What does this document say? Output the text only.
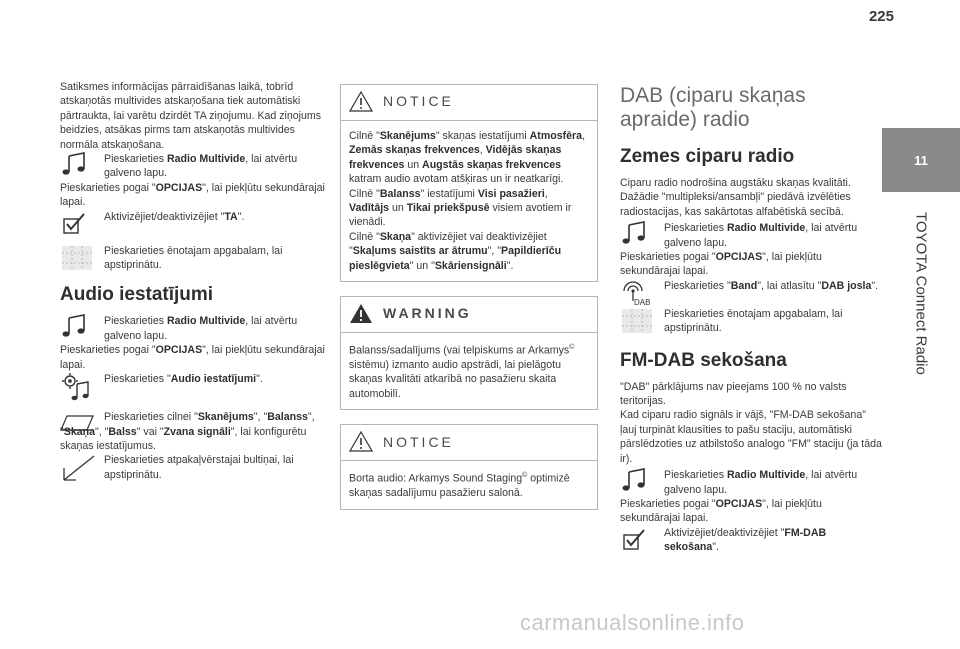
225
11
TOYOTA Connect Radio

Satiksmes informācijas pārraidīšanas laikā, tobrīd atskaņotās multivides atskaņošana tiek automātiski pārtraukta, lai varētu dzirdēt TA ziņojumu. Kad ziņojums beidzies, atsākas pirms tam atskaņotās multivides normāla atskaņošana.

Pieskarieties Radio Multivide, lai atvērtu galveno lapu.

Pieskarieties pogai "OPCIJAS", lai piekļūtu sekundārajai lapai.

Aktivizējiet/deaktivizējiet "TA".
Pieskarieties ēnotajam apgabalam, lai apstiprinātu.
Audio iestatījumi
Pieskarieties Radio Multivide, lai atvērtu galveno lapu.

Pieskarieties pogai "OPCIJAS", lai piekļūtu sekundārajai lapai.

Pieskarieties "Audio iestatījumi".
Pieskarieties cilnei "Skanējums", "Balanss", "Skaņa", "Balss" vai "Zvana signāli", lai konfigurētu skaņas iestatījumus.
Pieskarieties atpakaļvērstajai bultiņai, lai apstiprinātu.
NOTICE

Cilnē "Skanējums" skaņas iestatījumi Atmosfēra, Zemās skaņas frekvences, Vidējās skaņas frekvences un Augstās skaņas frekvences katram audio avotam atšķiras un ir neatkarīgi.
Cilnē "Balanss" iestatījumi Visi pasažieri, Vadītājs un Tikai priekšpusē visiem avotiem ir vienādi.
Cilnē "Skaņa" aktivizējiet vai deaktivizējiet "Skaļums saistīts ar ātrumu", "Papildierīču pieslēgvieta" un "Skāriensignāli".

WARNING

Balanss/sadalījums (vai telpiskums ar Arkamys© sistēmu) izmanto audio apstrādi, lai pielāgotu skaņas kvalitāti atkarībā no pasažieru skaita automobilī.

NOTICE

Borta audio: Arkamys Sound Staging© optimizē skaņas sadalījumu pasažieru salonā.

DAB (ciparu skaņas apraide) radio
Zemes ciparu radio

Ciparu radio nodrošina augstāku skaņas kvalitāti.

Dažādie "multipleksi/ansambļi" piedāvā izvēlēties radiostacijas, kas sakārtotas alfabētiskā secībā.

Pieskarieties Radio Multivide, lai atvērtu galveno lapu.

Pieskarieties pogai "OPCIJAS", lai piekļūtu sekundārajai lapai.

DAB
Pieskarieties "Band", lai atlasītu "DAB josla".
Pieskarieties ēnotajam apgabalam, lai apstiprinātu.
FM-DAB sekošana

"DAB" pārklājums nav pieejams 100 % no valsts teritorijas.

Kad ciparu radio signāls ir vājš, "FM-DAB sekošana" ļauj turpināt klausīties to pašu staciju, automātiski pārslēdzoties uz atbilstošo analogo "FM" staciju (ja tāda ir).

Pieskarieties Radio Multivide, lai atvērtu galveno lapu.

Pieskarieties pogai "OPCIJAS", lai piekļūtu sekundārajai lapai.

Aktivizējiet/deaktivizējiet "FM-DAB sekošana".
carmanualsonline.info
